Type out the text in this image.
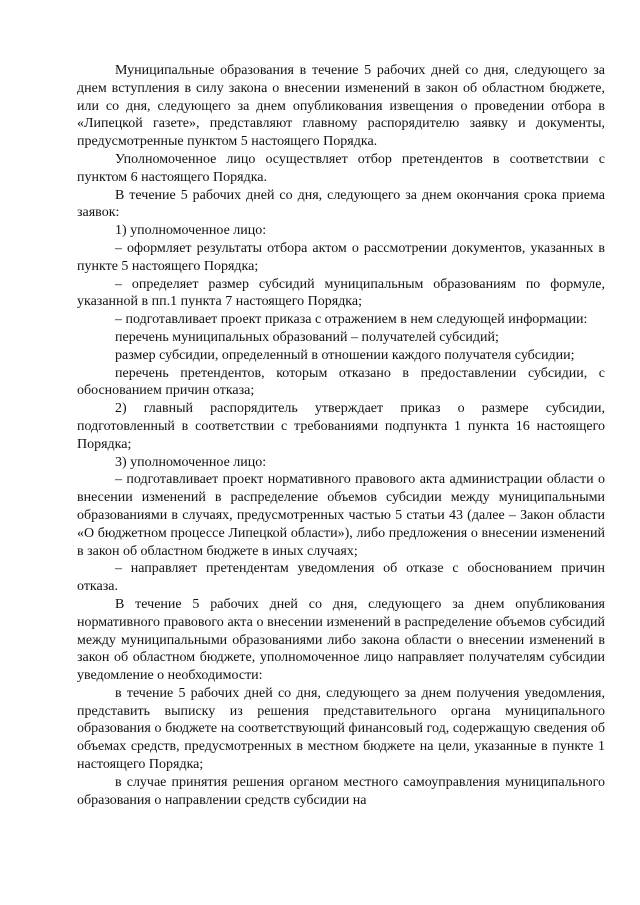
Муниципальные образования в течение 5 рабочих дней со дня, следующего за днем вступления в силу закона о внесении изменений в закон об областном бюджете, или со дня, следующего за днем опубликования извещения о проведении отбора в «Липецкой газете», представляют главному распорядителю заявку и документы, предусмотренные пунктом 5 настоящего Порядка.

Уполномоченное лицо осуществляет отбор претендентов в соответствии с пунктом 6 настоящего Порядка.

В течение 5 рабочих дней со дня, следующего за днем окончания срока приема заявок:

1) уполномоченное лицо:

– оформляет результаты отбора актом о рассмотрении документов, указанных в пункте 5 настоящего Порядка;

– определяет размер субсидий муниципальным образованиям по формуле, указанной в пп.1 пункта 7 настоящего Порядка;

– подготавливает проект приказа с отражением в нем следующей информации:

перечень муниципальных образований – получателей субсидий;

размер субсидии, определенный в отношении каждого получателя субсидии;

перечень претендентов, которым отказано в предоставлении субсидии, с обоснованием причин отказа;

2) главный распорядитель утверждает приказ о размере субсидии, подготовленный в соответствии с требованиями подпункта 1 пункта 16 настоящего Порядка;

3) уполномоченное лицо:

– подготавливает проект нормативного правового акта администрации области о внесении изменений в распределение объемов субсидии между муниципальными образованиями в случаях, предусмотренных частью 5 статьи 43 (далее – Закон области «О бюджетном процессе Липецкой области»), либо предложения о внесении изменений в закон об областном бюджете в иных случаях;

– направляет претендентам уведомления об отказе с обоснованием причин отказа.

В течение 5 рабочих дней со дня, следующего за днем опубликования нормативного правового акта о внесении изменений в распределение объемов субсидий между муниципальными образованиями либо закона области о внесении изменений в закон об областном бюджете, уполномоченное лицо направляет получателям субсидии уведомление о необходимости:

в течение 5 рабочих дней со дня, следующего за днем получения уведомления, представить выписку из решения представительного органа муниципального образования о бюджете на соответствующий финансовый год, содержащую сведения об объемах средств, предусмотренных в местном бюджете на цели, указанные в пункте 1 настоящего Порядка;

в случае принятия решения органом местного самоуправления муниципального образования о направлении средств субсидии на
